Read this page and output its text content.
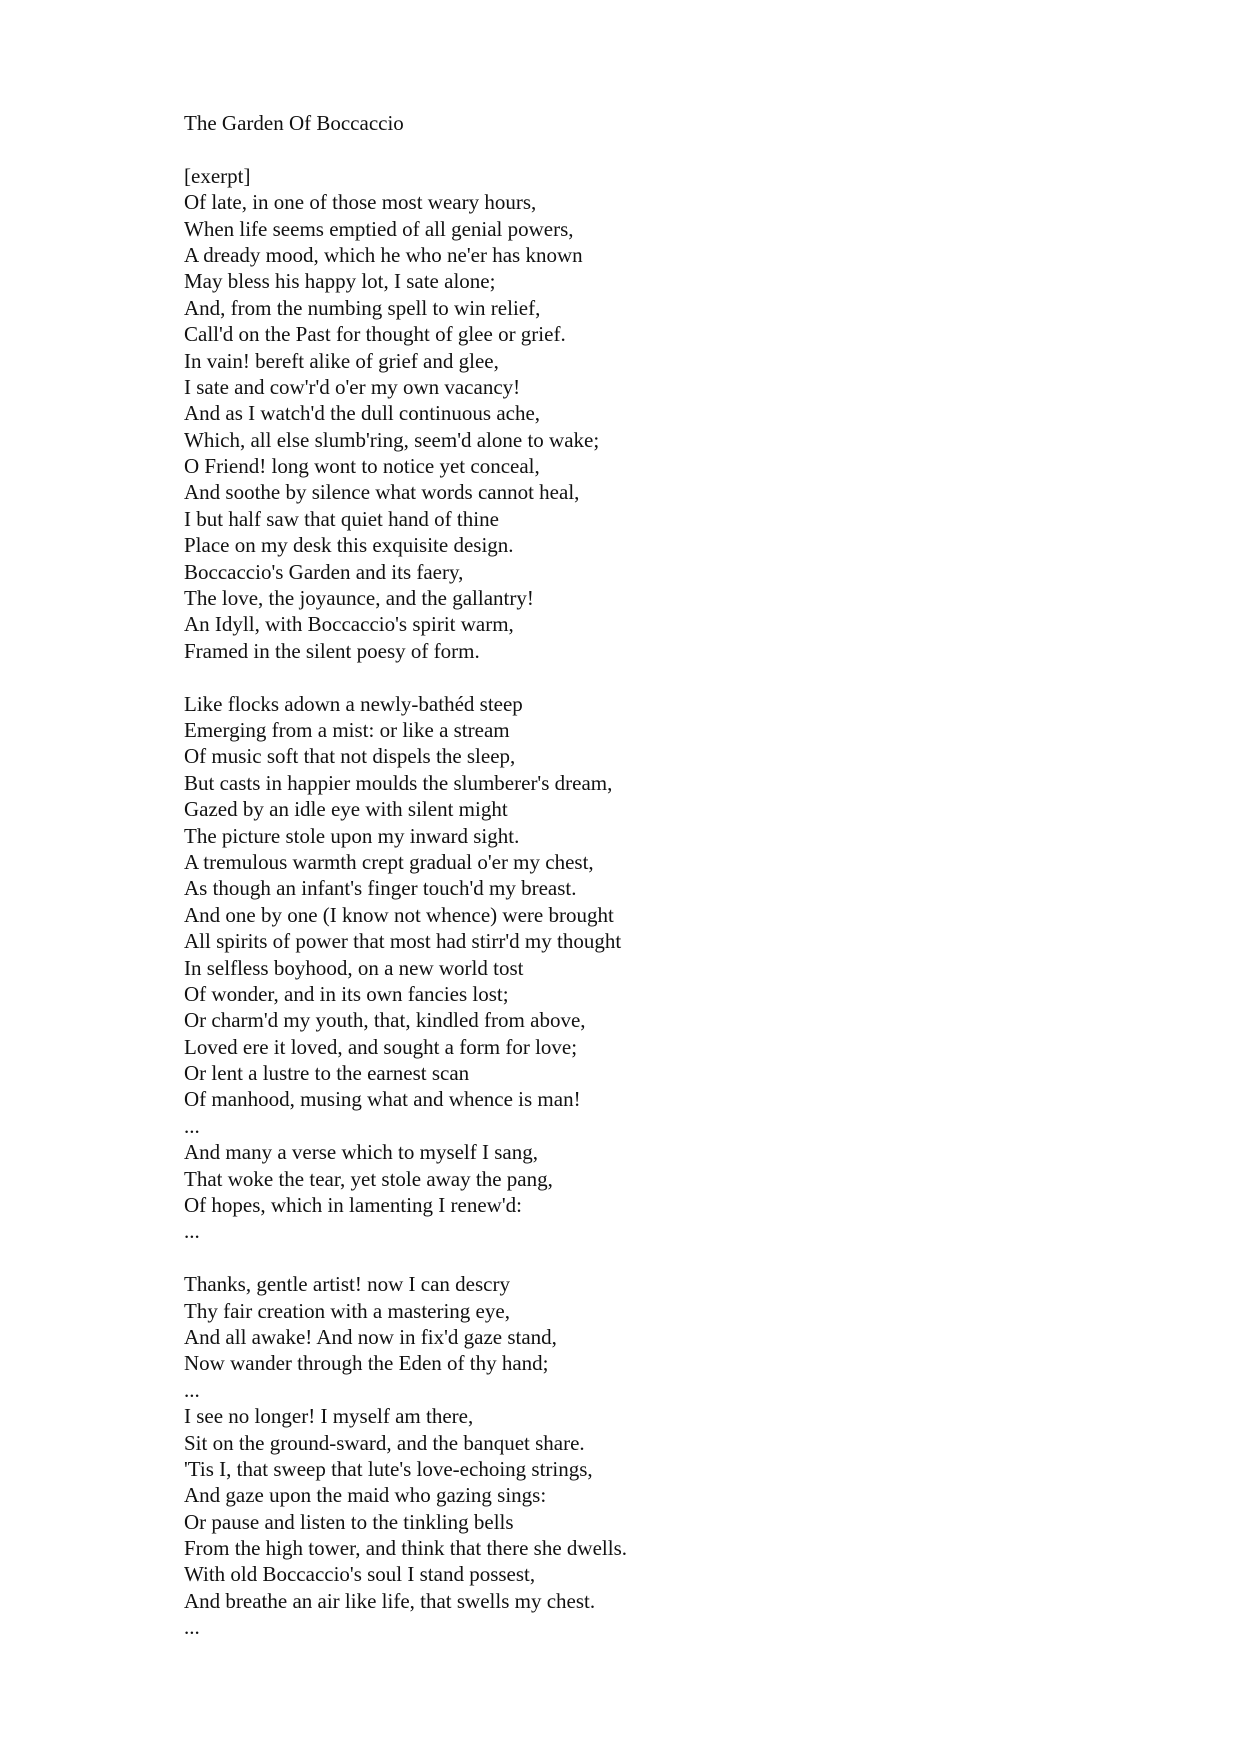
The Garden Of Boccaccio
[exerpt]
Of late, in one of those most weary hours,
When life seems emptied of all genial powers,
A dready mood, which he who ne'er has known
May bless his happy lot, I sate alone;
And, from the numbing spell to win relief,
Call'd on the Past for thought of glee or grief.
In vain! bereft alike of grief and glee,
I sate and cow'r'd o'er my own vacancy!
And as I watch'd the dull continuous ache,
Which, all else slumb'ring, seem'd alone to wake;
O Friend! long wont to notice yet conceal,
And soothe by silence what words cannot heal,
I but half saw that quiet hand of thine
Place on my desk this exquisite design.
Boccaccio's Garden and its faery,
The love, the joyaunce, and the gallantry!
An Idyll, with Boccaccio's spirit warm,
Framed in the silent poesy of form.
Like flocks adown a newly-bathéd steep
Emerging from a mist: or like a stream
Of music soft that not dispels the sleep,
But casts in happier moulds the slumberer's dream,
Gazed by an idle eye with silent might
The picture stole upon my inward sight.
A tremulous warmth crept gradual o'er my chest,
As though an infant's finger touch'd my breast.
And one by one (I know not whence) were brought
All spirits of power that most had stirr'd my thought
In selfless boyhood, on a new world tost
Of wonder, and in its own fancies lost;
Or charm'd my youth, that, kindled from above,
Loved ere it loved, and sought a form for love;
Or lent a lustre to the earnest scan
Of manhood, musing what and whence is man!
...
And many a verse which to myself I sang,
That woke the tear, yet stole away the pang,
Of hopes, which in lamenting I renew'd:
...
Thanks, gentle artist! now I can descry
Thy fair creation with a mastering eye,
And all awake! And now in fix'd gaze stand,
Now wander through the Eden of thy hand;
...
I see no longer! I myself am there,
Sit on the ground-sward, and the banquet share.
'Tis I, that sweep that lute's love-echoing strings,
And gaze upon the maid who gazing sings:
Or pause and listen to the tinkling bells
From the high tower, and think that there she dwells.
With old Boccaccio's soul I stand possest,
And breathe an air like life, that swells my chest.
...
